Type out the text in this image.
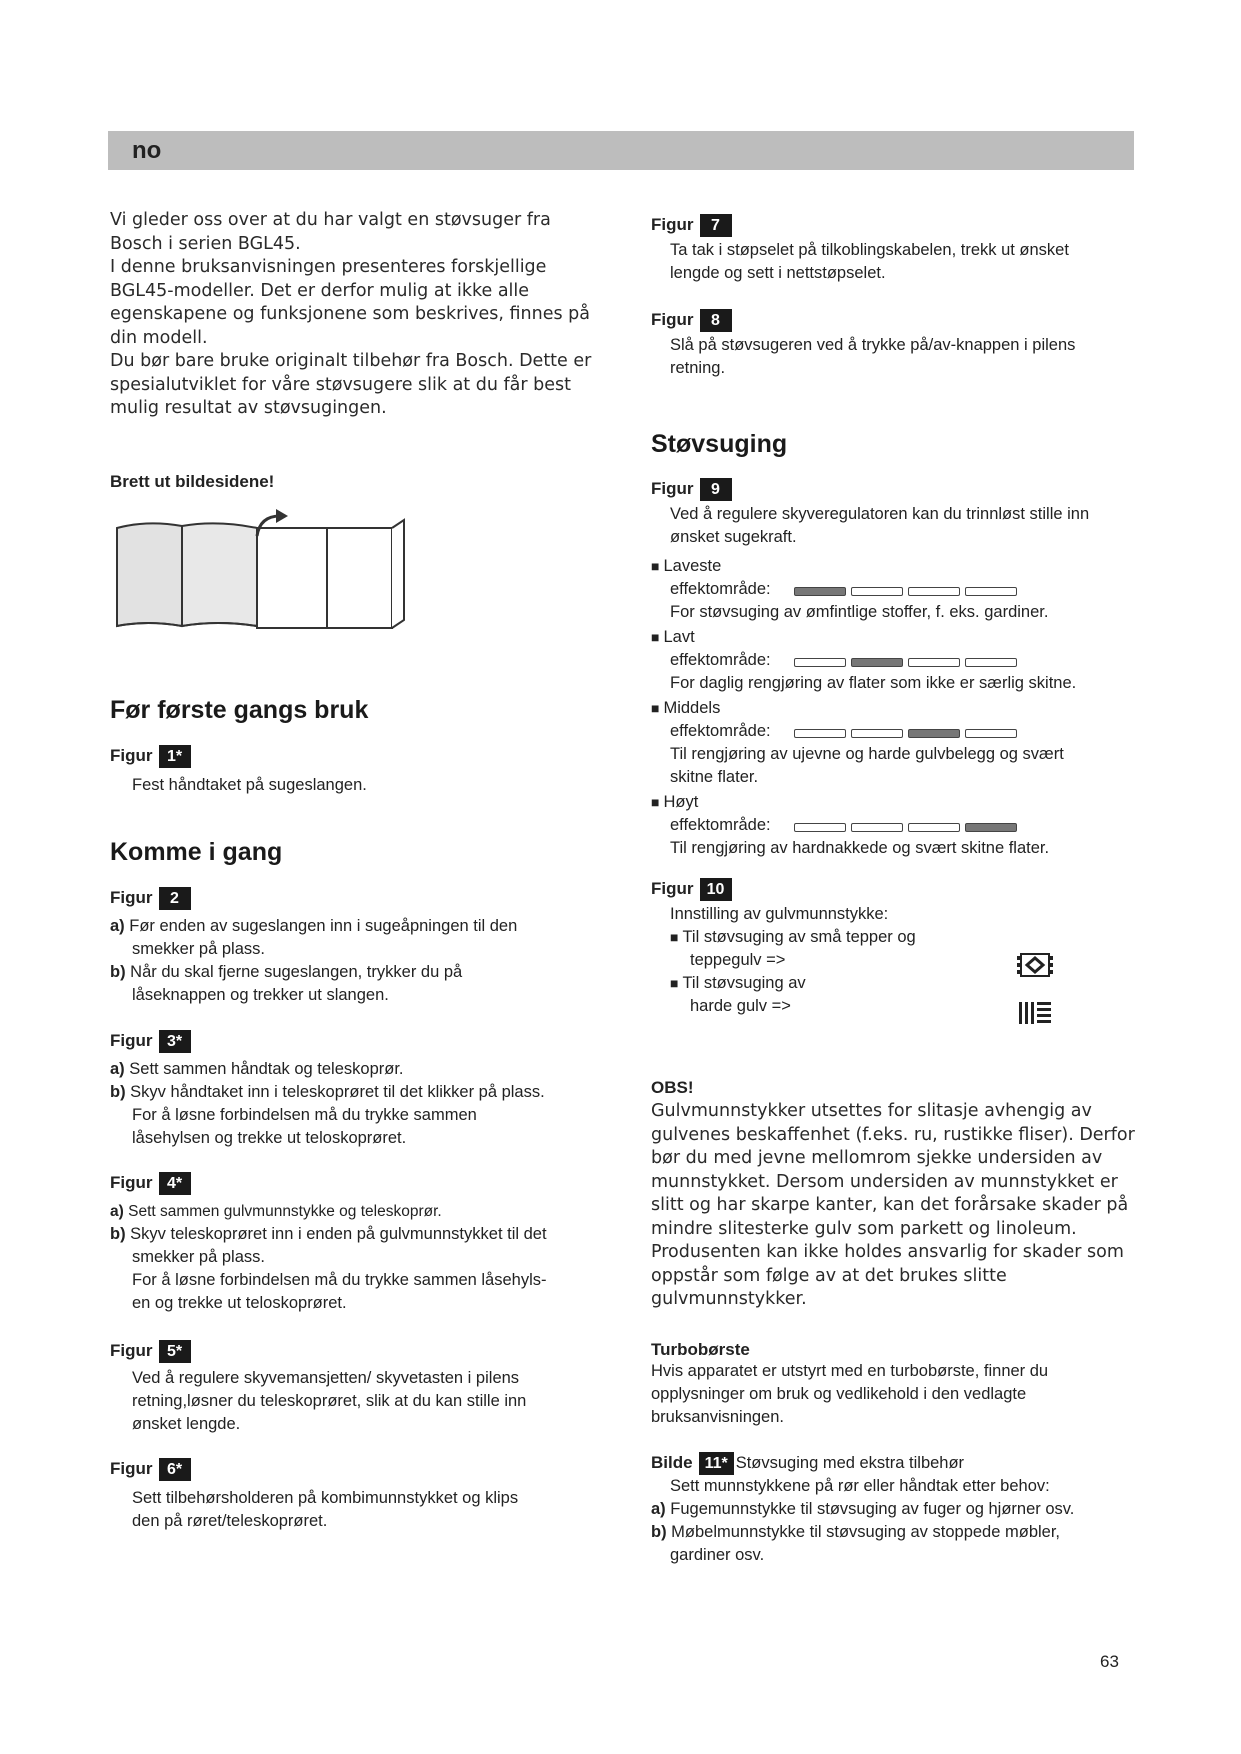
no
Vi gleder oss over at du har valgt en støvsuger fra
Bosch i serien BGL45.
I denne bruksanvisningen presenteres forskjellige
BGL45-modeller. Det er derfor mulig at ikke alle
egenskapene og funksjonene som beskrives, finnes på
din modell.
Du bør bare bruke originalt tilbehør fra Bosch. Dette er
spesialutviklet for våre støvsugere slik at du får best
mulig resultat av støvsugingen.
Brett ut bildesidene!
Før første gangs bruk
Figur 1*
Fest håndtaket på sugeslangen.
Komme i gang
Figur 2
a) Før enden av sugeslangen inn i sugeåpningen til den
smekker på plass.
b) Når du skal fjerne sugeslangen, trykker du på
låseknappen og trekker ut slangen.
Figur 3*
a) Sett sammen håndtak og teleskoprør.
b) Skyv håndtaket inn i teleskoprøret til det klikker på plass.
For å løsne forbindelsen må du trykke sammen
låsehylsen og trekke ut teloskoprøret.
Figur 4*
a) Sett sammen gulvmunnstykke og teleskoprør.
b) Skyv teleskoprøret inn i enden på gulvmunnstykket til det
smekker på plass.
For å løsne forbindelsen må du trykke sammen låsehyls-
en og trekke ut teloskoprøret.
Figur 5*
Ved å regulere skyvemansjetten/ skyvetasten i pilens
retning,løsner du teleskoprøret, slik at du kan stille inn
ønsket lengde.
Figur 6*
Sett tilbehørsholderen på kombimunnstykket og klips
den på røret/teleskoprøret.
Figur 7
Ta tak i støpselet på tilkoblingskabelen, trekk ut ønsket
lengde og sett i nettstøpselet.
Figur 8
Slå på støvsugeren ved å trykke på/av-knappen i pilens
retning.
Støvsuging
Figur 9
Ved å regulere skyveregulatoren kan du trinnløst stille inn
ønsket sugekraft.
■ Laveste
effektområde:
For støvsuging av ømfintlige stoffer, f. eks. gardiner.
■ Lavt
effektområde:
For daglig rengjøring av flater som ikke er særlig skitne.
■ Middels
effektområde:
Til rengjøring av ujevne og harde gulvbelegg og svært
skitne flater.
■ Høyt
effektområde:
Til rengjøring av hardnakkede og svært skitne flater.
Figur 10
Innstilling av gulvmunnstykke:
■ Til støvsuging av små tepper og
teppegulv =>
■ Til støvsuging av
harde gulv =>
OBS!
Gulvmunnstykker utsettes for slitasje avhengig av
gulvenes beskaffenhet (f.eks. ru, rustikke fliser). Derfor
bør du med jevne mellomrom sjekke undersiden av
munnstykket. Dersom undersiden av munnstykket er
slitt og har skarpe kanter, kan det forårsake skader på
mindre slitesterke gulv som parkett og linoleum.
Produsenten kan ikke holdes ansvarlig for skader som
oppstår som følge av at det brukes slitte
gulvmunnstykker.
Turbobørste
Hvis apparatet er utstyrt med en turbobørste, finner du
opplysninger om bruk og vedlikehold i den vedlagte
bruksanvisningen.
Bilde 11* Støvsuging med ekstra tilbehør
Sett munnstykkene på rør eller håndtak etter behov:
a) Fugemunnstykke til støvsuging av fuger og hjørner osv.
b) Møbelmunnstykke til støvsuging av stoppede møbler,
gardiner osv.
63
